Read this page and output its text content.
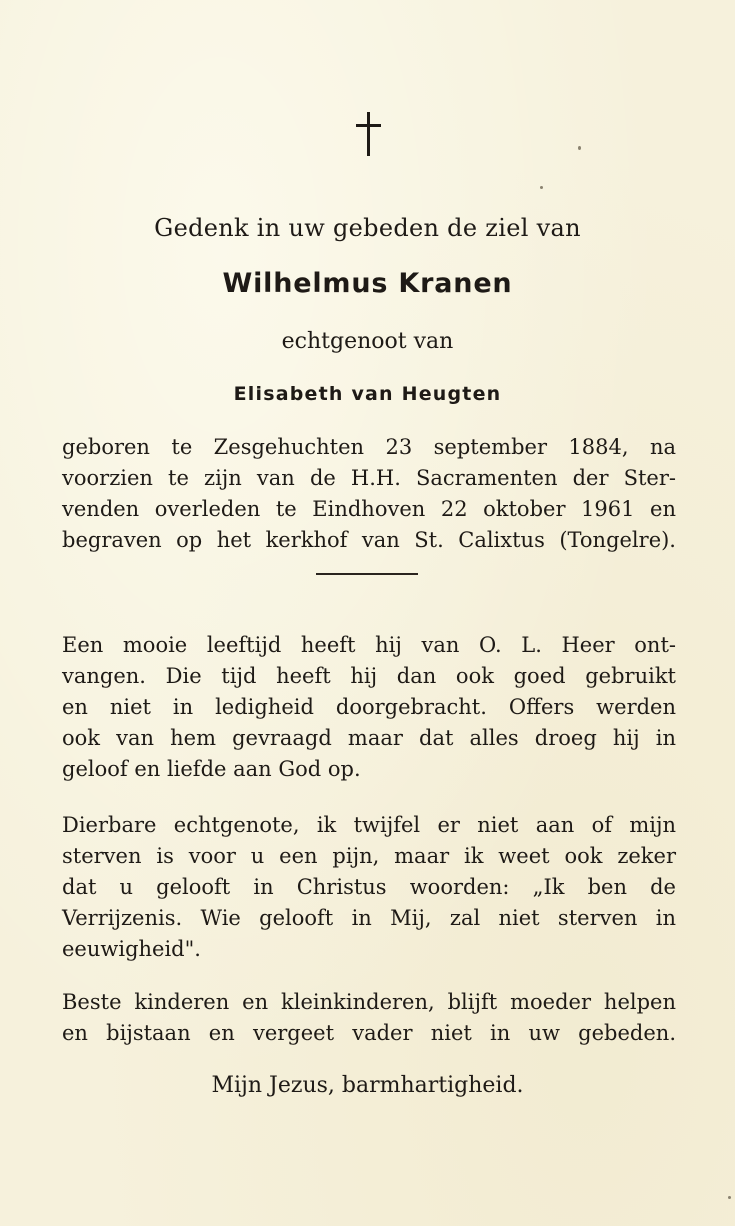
Gedenk in uw gebeden de ziel van
Wilhelmus Kranen
echtgenoot van
Elisabeth van Heugten
geboren te Zesgehuchten 23 september 1884, na
voorzien te zijn van de H.H. Sacramenten der Ster-
venden overleden te Eindhoven 22 oktober 1961 en
begraven op het kerkhof van St. Calixtus (Tongelre).
Een mooie leeftijd heeft hij van O. L. Heer ont-
vangen. Die tijd heeft hij dan ook goed gebruikt
en niet in ledigheid doorgebracht. Offers werden
ook van hem gevraagd maar dat alles droeg hij in
geloof en liefde aan God op.
Dierbare echtgenote, ik twijfel er niet aan of mijn
sterven is voor u een pijn, maar ik weet ook zeker
dat u gelooft in Christus woorden: „Ik ben de
Verrijzenis. Wie gelooft in Mij, zal niet sterven in
eeuwigheid".
Beste kinderen en kleinkinderen, blijft moeder helpen
en bijstaan en vergeet vader niet in uw gebeden.
Mijn Jezus, barmhartigheid.
